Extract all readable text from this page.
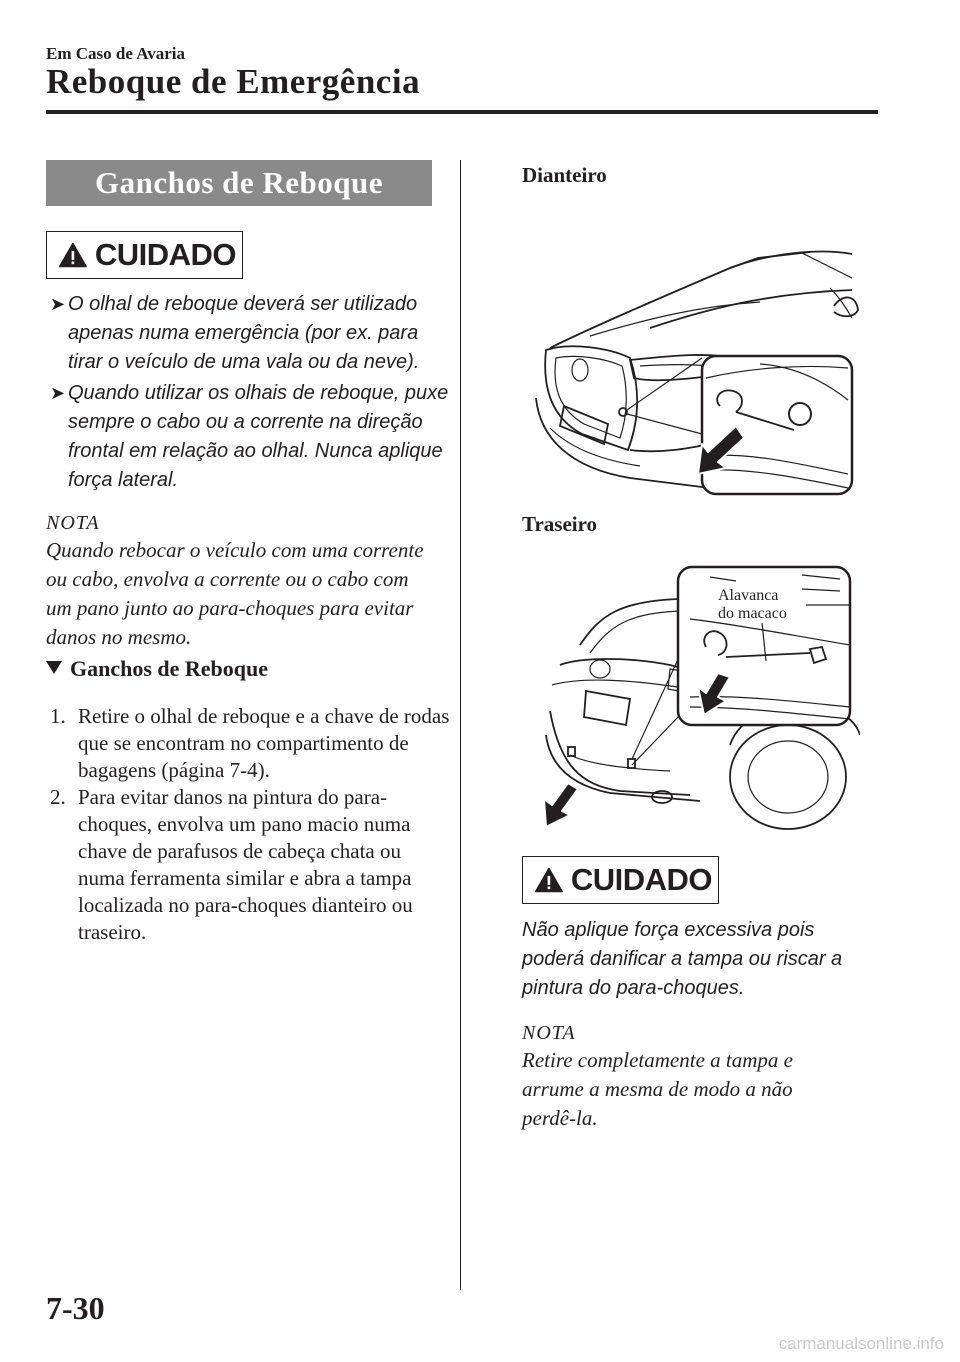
Em Caso de Avaria
Reboque de Emergência
Ganchos de Reboque
CUIDADO
➤ O olhal de reboque deverá ser utilizado apenas numa emergência (por ex. para tirar o veículo de uma vala ou da neve).
➤ Quando utilizar os olhais de reboque, puxe sempre o cabo ou a corrente na direção frontal em relação ao olhal. Nunca aplique força lateral.
NOTA
Quando rebocar o veículo com uma corrente ou cabo, envolva a corrente ou o cabo com um pano junto ao para-choques para evitar danos no mesmo.
Ganchos de Reboque
1. Retire o olhal de reboque e a chave de rodas que se encontram no compartimento de bagagens (página 7-4).
2. Para evitar danos na pintura do para-choques, envolva um pano macio numa chave de parafusos de cabeça chata ou numa ferramenta similar e abra a tampa localizada no para-choques dianteiro ou traseiro.
Dianteiro
Traseiro
Alavanca
do macaco
CUIDADO
Não aplique força excessiva pois poderá danificar a tampa ou riscar a pintura do para-choques.
NOTA
Retire completamente a tampa e arrume a mesma de modo a não perdê-la.
7-30
carmanualsonline.info
